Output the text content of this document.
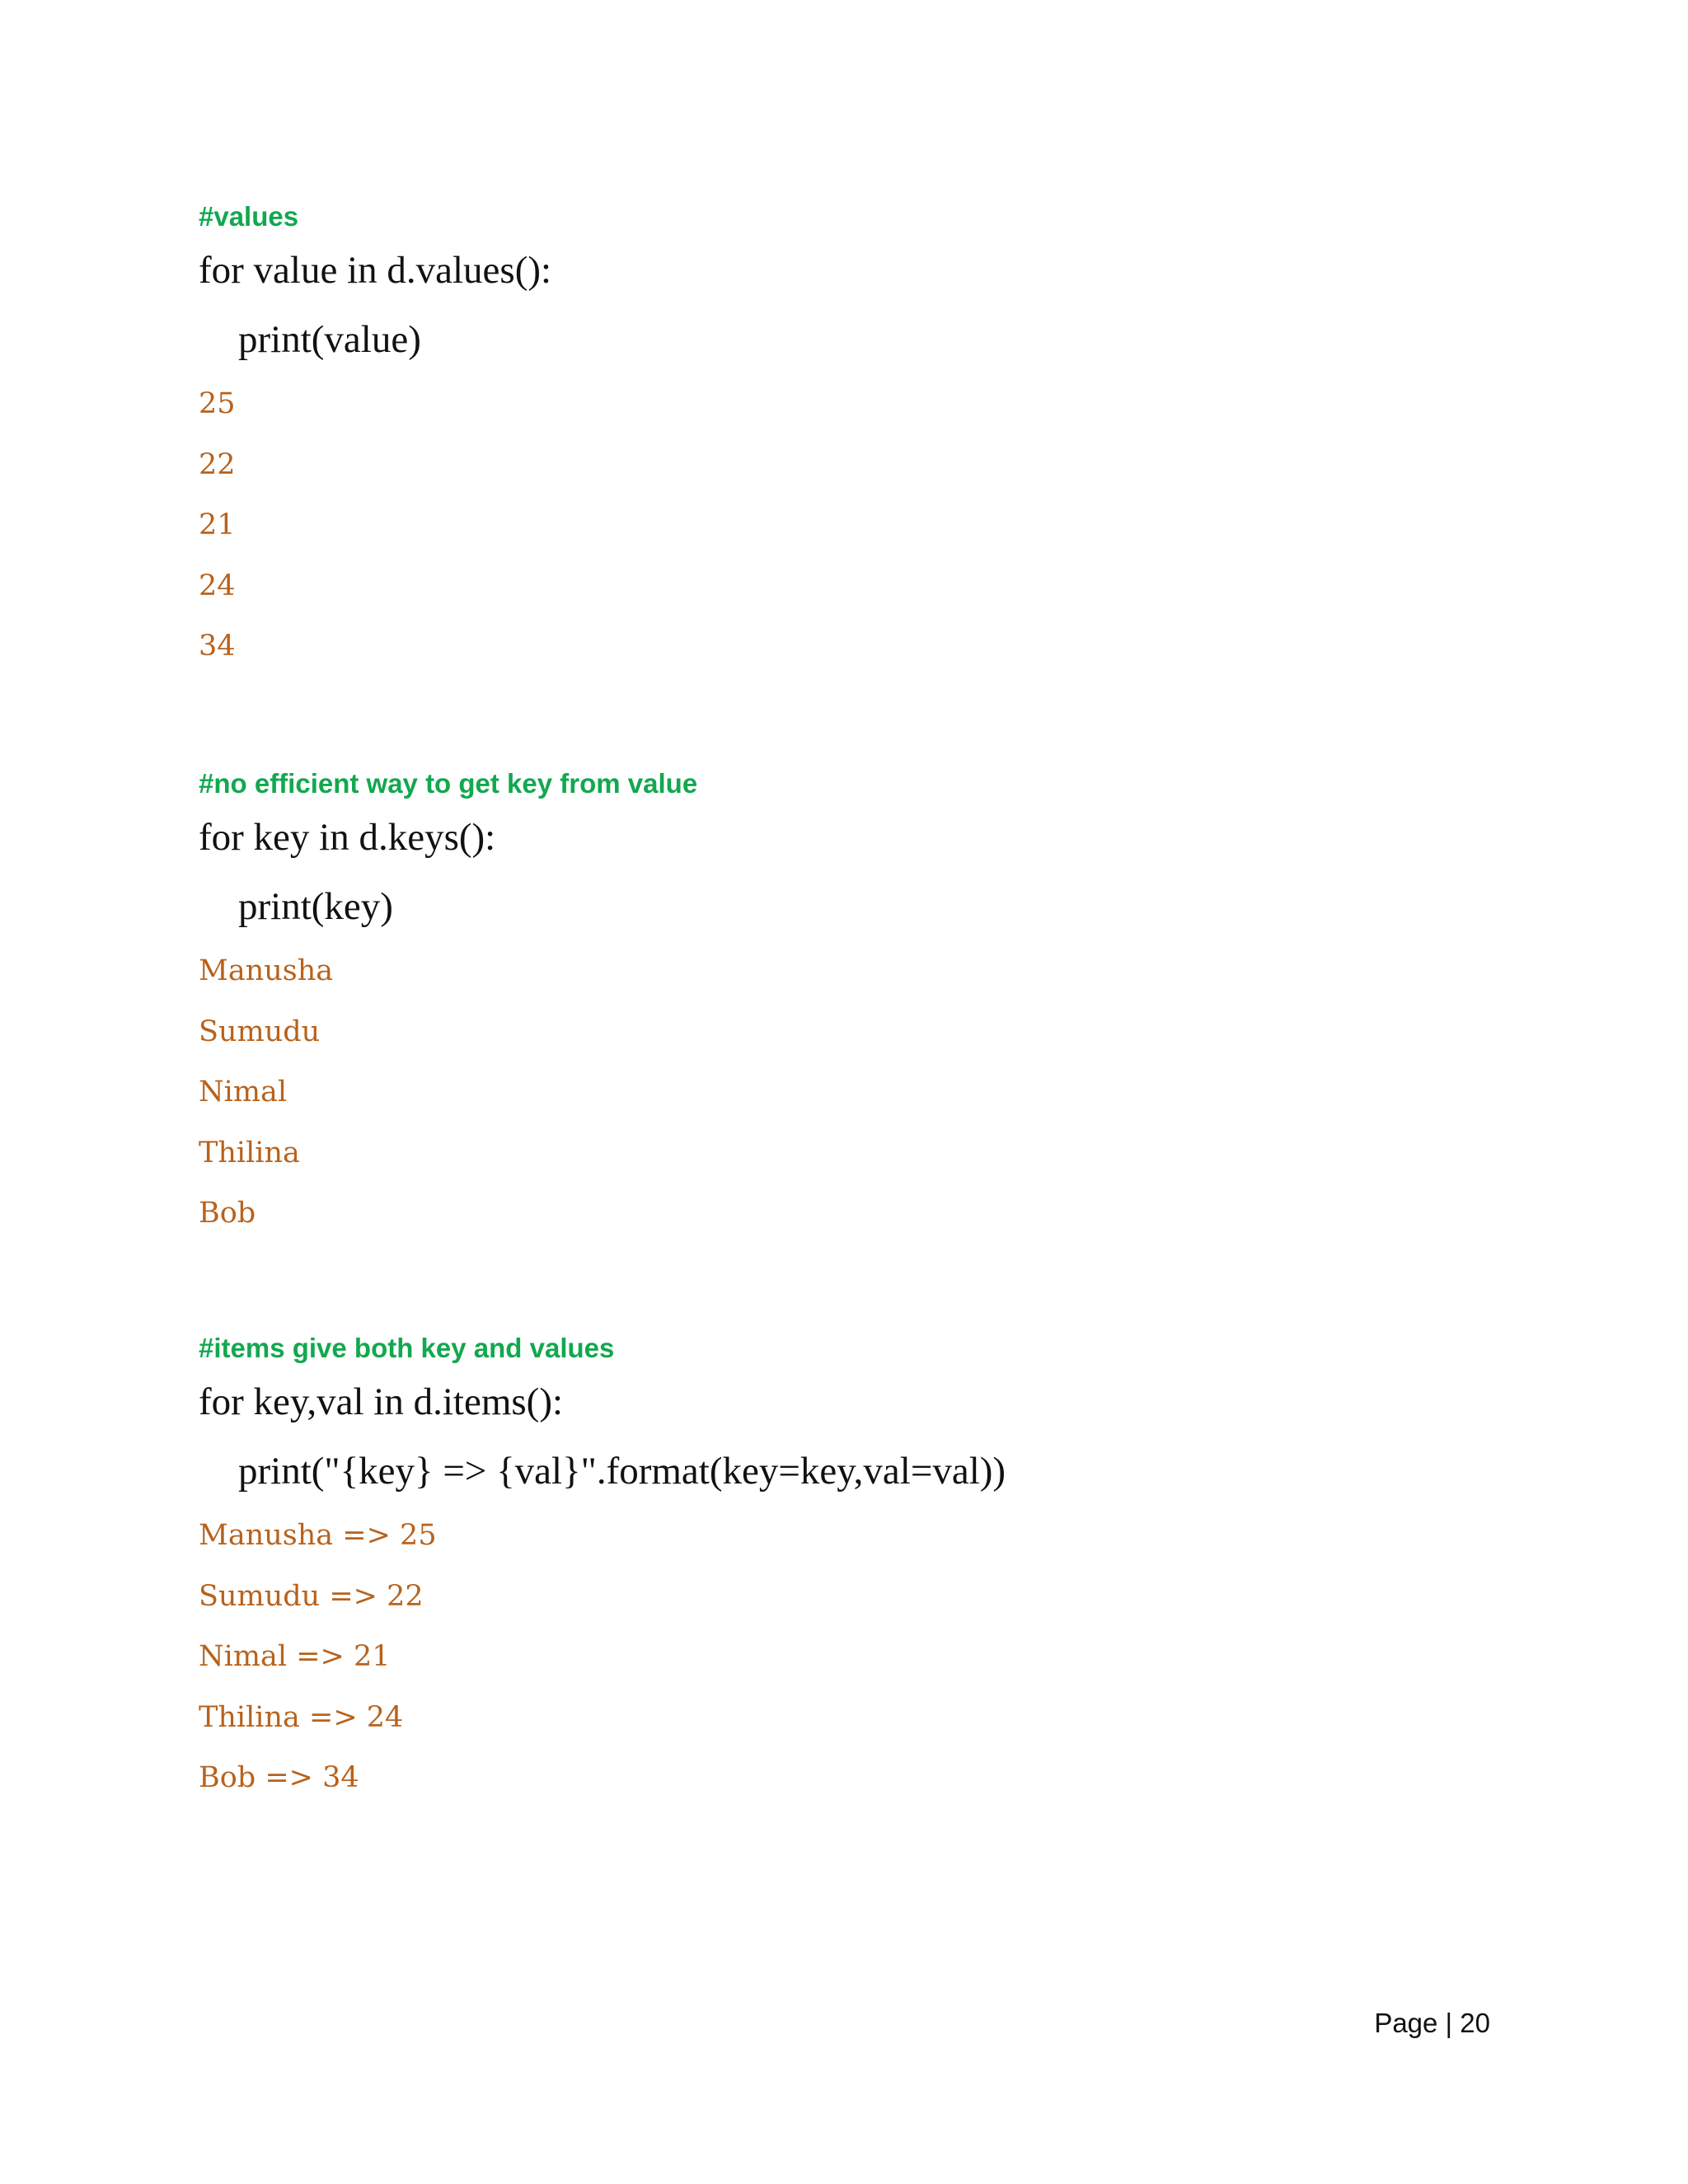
#values
for value in d.values():
print(value)
25
22
21
24
34
#no efficient way to get key from value
for key in d.keys():
print(key)
Manusha
Sumudu
Nimal
Thilina
Bob
#items give both key and values
for key,val in d.items():
print("{key} => {val}".format(key=key,val=val))
Manusha => 25
Sumudu => 22
Nimal => 21
Thilina => 24
Bob => 34
Page | 20
